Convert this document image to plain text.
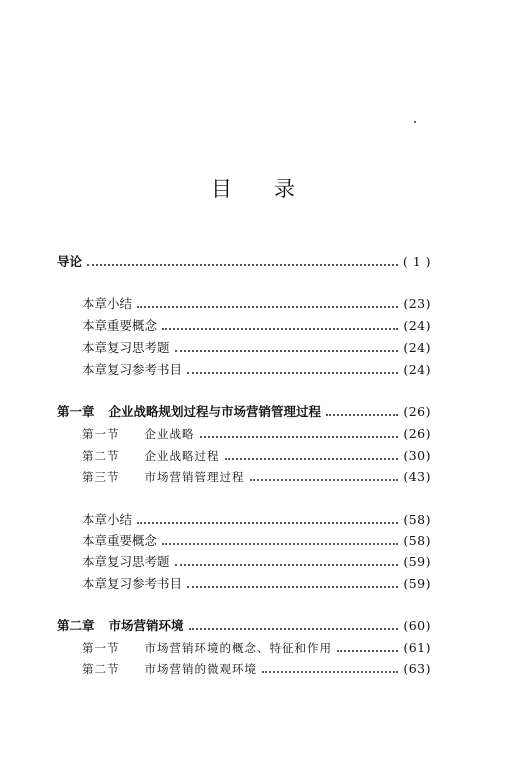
目 录
导论	( 1 )
本章小结	(23)
本章重要概念	(24)
本章复习思考题	(24)
本章复习参考书目	(24)
第一章 企业战略规划过程与市场营销管理过程	(26)
第一节 企业战略	(26)
第二节 企业战略过程	(30)
第三节 市场营销管理过程	(43)
本章小结	(58)
本章重要概念	(58)
本章复习思考题	(59)
本章复习参考书目	(59)
第二章 市场营销环境	(60)
第一节 市场营销环境的概念、特征和作用	(61)
第二节 市场营销的微观环境	(63)
